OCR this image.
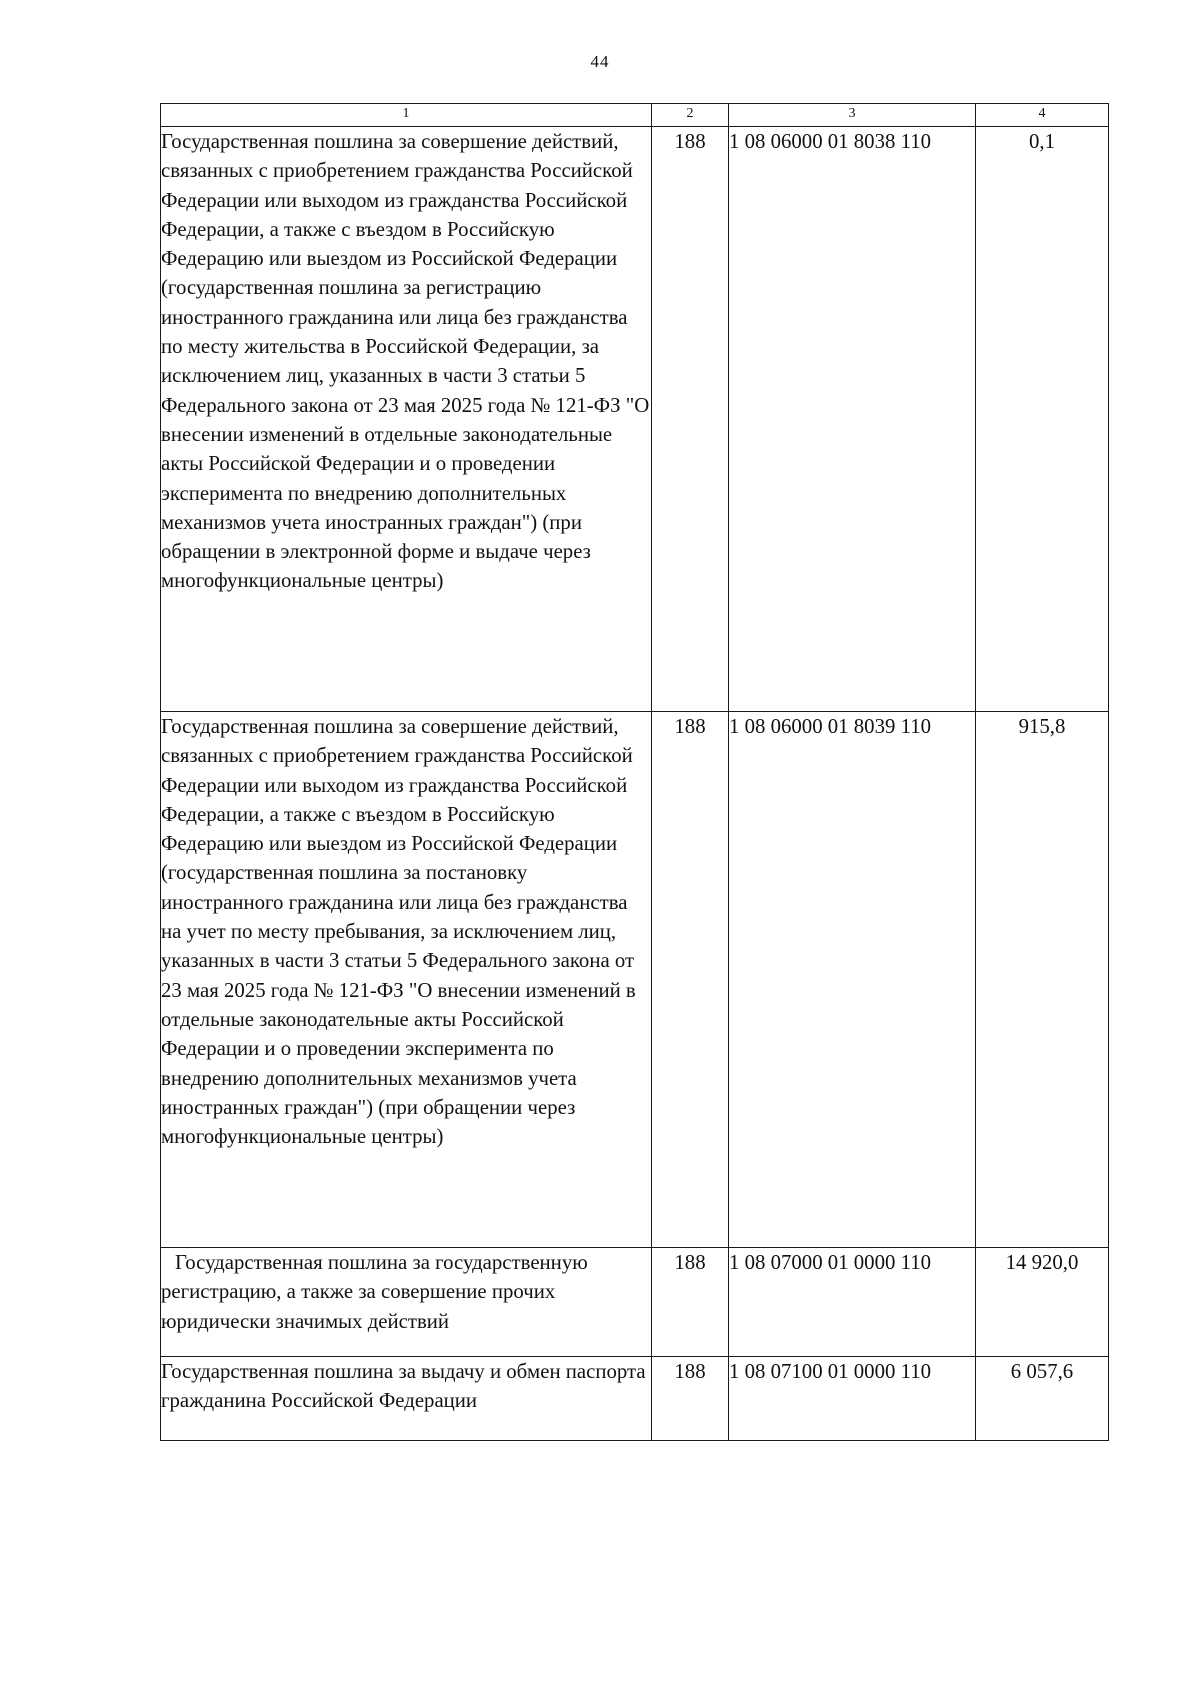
44
1	2	3	4
Государственная пошлина за совершение действий, связанных с приобретением гражданства Российской Федерации или выходом из гражданства Российской Федерации, а также с въездом в Российскую Федерацию или выездом из Российской Федерации (государственная пошлина за регистрацию иностранного гражданина или лица без гражданства по месту жительства в Российской Федерации, за исключением лиц, указанных в части 3 статьи 5 Федерального закона от 23 мая 2025 года № 121-ФЗ "О внесении изменений в отдельные законодательные акты Российской Федерации и о проведении эксперимента по внедрению дополнительных механизмов учета иностранных граждан") (при обращении в электронной форме и выдаче через многофункциональные центры)	188	1 08 06000 01 8038 110	0,1
Государственная пошлина за совершение действий, связанных с приобретением гражданства Российской Федерации или выходом из гражданства Российской Федерации, а также с въездом в Российскую Федерацию или выездом из Российской Федерации (государственная пошлина за постановку иностранного гражданина или лица без гражданства на учет по месту пребывания, за исключением лиц, указанных в части 3 статьи 5 Федерального закона от 23 мая 2025 года № 121-ФЗ "О внесении изменений в отдельные законодательные акты Российской Федерации и о проведении эксперимента по внедрению дополнительных механизмов учета иностранных граждан") (при обращении через многофункциональные центры)	188	1 08 06000 01 8039 110	915,8
Государственная пошлина за государственную регистрацию, а также за совершение прочих юридически значимых действий	188	1 08 07000 01 0000 110	14 920,0
Государственная пошлина за выдачу и обмен паспорта гражданина Российской Федерации	188	1 08 07100 01 0000 110	6 057,6
